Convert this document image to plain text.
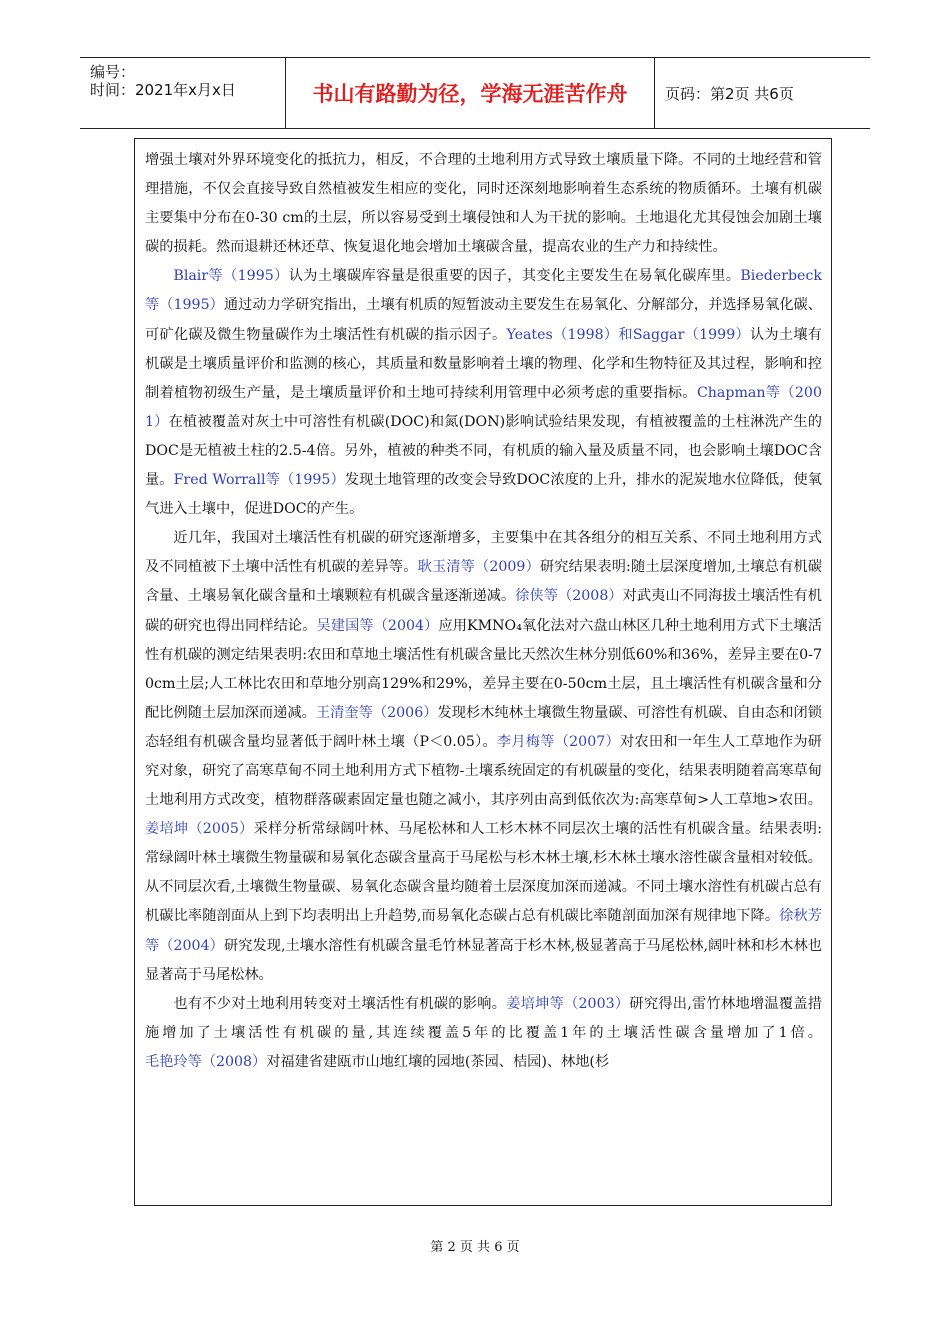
编号：
时间：2021年x月x日	书山有路勤为径，学海无涯苦作舟	页码：第2页 共6页

增强土壤对外界环境变化的抵抗力，相反，不合理的土地利用方式导致土壤质量下降。不同的土地经营和管理措施，不仅会直接导致自然植被发生相应的变化，同时还深刻地影响着生态系统的物质循环。土壤有机碳主要集中分布在0-30 cm的土层，所以容易受到土壤侵蚀和人为干扰的影响。土地退化尤其侵蚀会加剧土壤碳的损耗。然而退耕还林还草、恢复退化地会增加土壤碳含量，提高农业的生产力和持续性。

Blair等（1995）认为土壤碳库容量是很重要的因子，其变化主要发生在易氧化碳库里。Biederbeck等（1995）通过动力学研究指出，土壤有机质的短暂波动主要发生在易氧化、分解部分，并选择易氧化碳、可矿化碳及微生物量碳作为土壤活性有机碳的指示因子。Yeates（1998）和Saggar（1999）认为土壤有机碳是土壤质量评价和监测的核心，其质量和数量影响着土壤的物理、化学和生物特征及其过程，影响和控制着植物初级生产量，是土壤质量评价和土地可持续利用管理中必须考虑的重要指标。Chapman等（2001）在植被覆盖对灰土中可溶性有机碳(DOC)和氮(DON)影响试验结果发现，有植被覆盖的土柱淋洗产生的DOC是无植被土柱的2.5-4倍。另外，植被的种类不同，有机质的输入量及质量不同，也会影响土壤DOC含量。Fred Worrall等（1995）发现土地管理的改变会导致DOC浓度的上升，排水的泥炭地水位降低，使氧气进入土壤中，促进DOC的产生。

近几年，我国对土壤活性有机碳的研究逐渐增多，主要集中在其各组分的相互关系、不同土地利用方式及不同植被下土壤中活性有机碳的差异等。耿玉清等（2009）研究结果表明:随土层深度增加,土壤总有机碳含量、土壤易氧化碳含量和土壤颗粒有机碳含量逐渐递减。徐侠等（2008）对武夷山不同海拔土壤活性有机碳的研究也得出同样结论。吴建国等（2004）应用KMNO₄氧化法对六盘山林区几种土地利用方式下土壤活性有机碳的测定结果表明:农田和草地土壤活性有机碳含量比天然次生林分别低60%和36%，差异主要在0-70cm土层;人工林比农田和草地分别高129%和29%，差异主要在0-50cm土层，且土壤活性有机碳含量和分配比例随土层加深而递减。王清奎等（2006）发现杉木纯林土壤微生物量碳、可溶性有机碳、自由态和闭锁态轻组有机碳含量均显著低于阔叶林土壤（P＜0.05）。李月梅等（2007）对农田和一年生人工草地作为研究对象，研究了高寒草甸不同土地利用方式下植物-土壤系统固定的有机碳量的变化，结果表明随着高寒草甸土地利用方式改变，植物群落碳素固定量也随之减小，其序列由高到低依次为:高寒草甸>人工草地>农田。姜培坤（2005）采样分析常绿阔叶林、马尾松林和人工杉木林不同层次土壤的活性有机碳含量。结果表明:常绿阔叶林土壤微生物量碳和易氧化态碳含量高于马尾松与杉木林土壤,杉木林土壤水溶性碳含量相对较低。从不同层次看,土壤微生物量碳、易氧化态碳含量均随着土层深度加深而递减。不同土壤水溶性有机碳占总有机碳比率随剖面从上到下均表明出上升趋势,而易氧化态碳占总有机碳比率随剖面加深有规律地下降。徐秋芳等（2004）研究发现,土壤水溶性有机碳含量毛竹林显著高于杉木林,极显著高于马尾松林,阔叶林和杉木林也显著高于马尾松林。

也有不少对土地利用转变对土壤活性有机碳的影响。姜培坤等（2003）研究得出,雷竹林地增温覆盖措施增加了土壤活性有机碳的量,其连续覆盖5年的比覆盖1年的土壤活性碳含量增加了1倍。毛艳玲等（2008）对福建省建瓯市山地红壤的园地(茶园、桔园)、林地(杉

第 2 页 共 6 页
